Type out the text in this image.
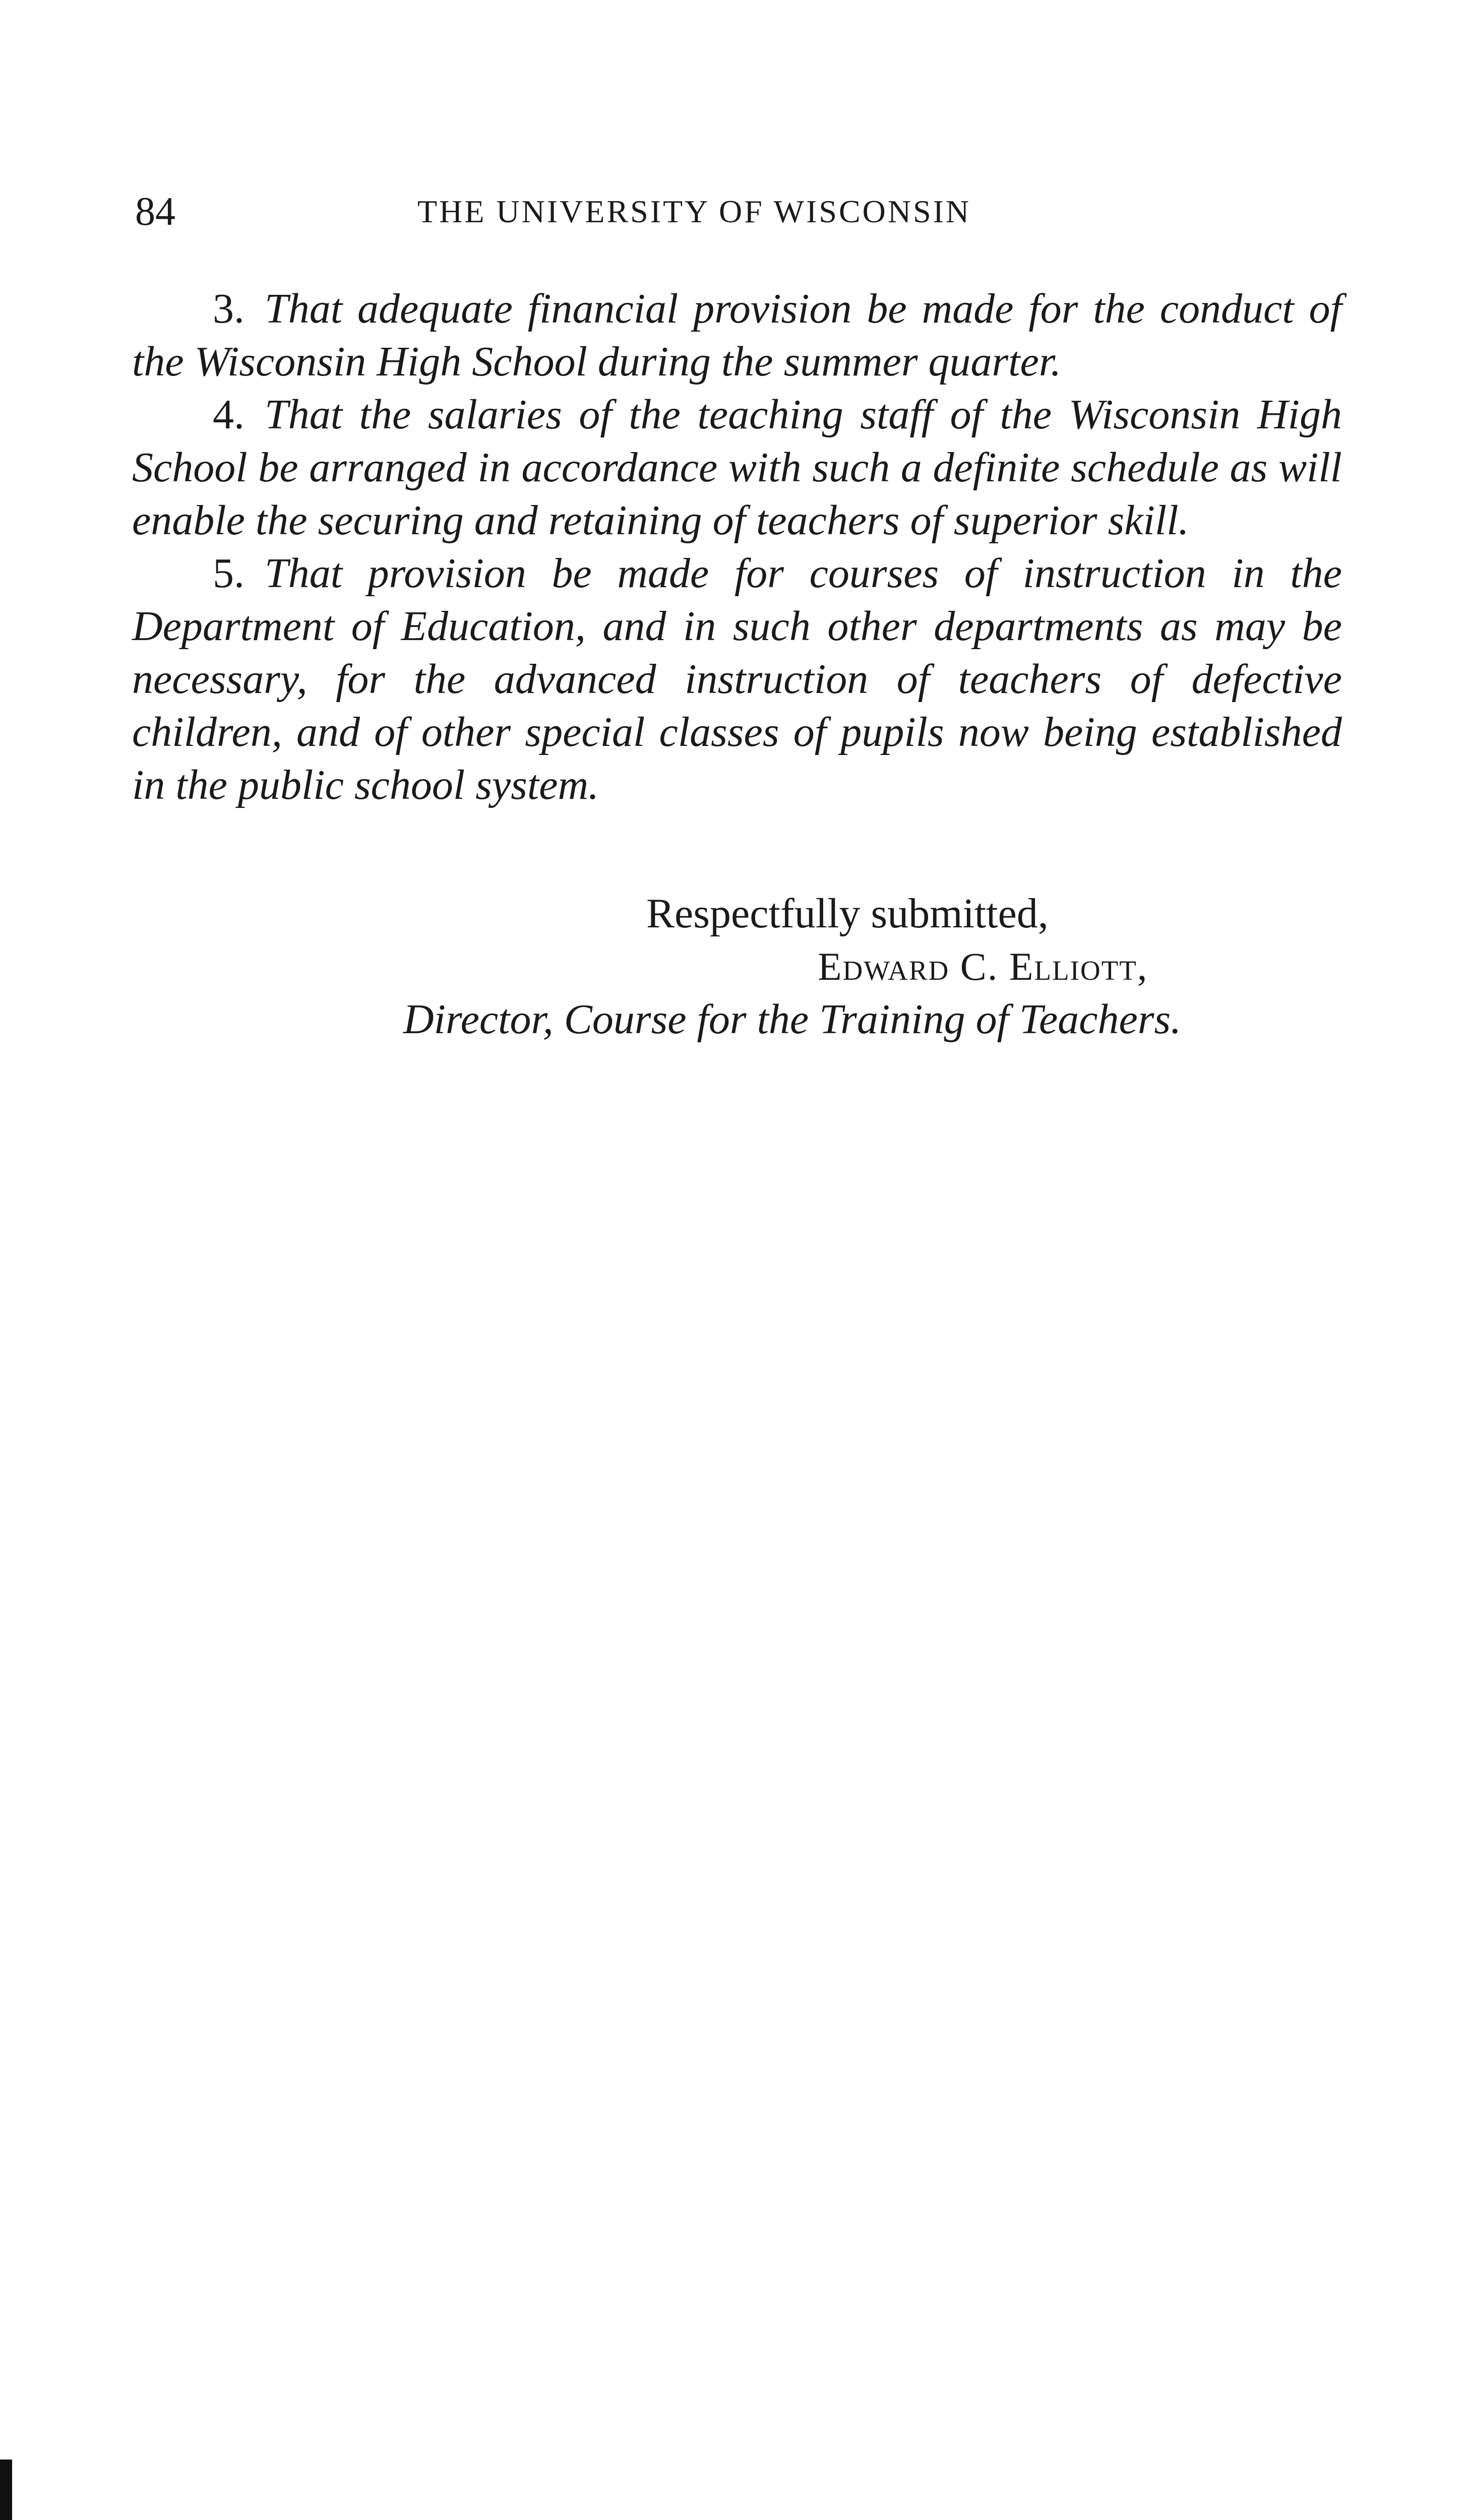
84	THE UNIVERSITY OF WISCONSIN

3. That adequate financial provision be made for the conduct of the Wisconsin High School during the summer quarter.

4. That the salaries of the teaching staff of the Wisconsin High School be arranged in accordance with such a definite schedule as will enable the securing and retaining of teachers of superior skill.

5. That provision be made for courses of instruction in the Department of Education, and in such other departments as may be necessary, for the advanced instruction of teachers of defective children, and of other special classes of pupils now being established in the public school system.

Respectfully submitted,
Edward C. Elliott,
Director, Course for the Training of Teachers.
